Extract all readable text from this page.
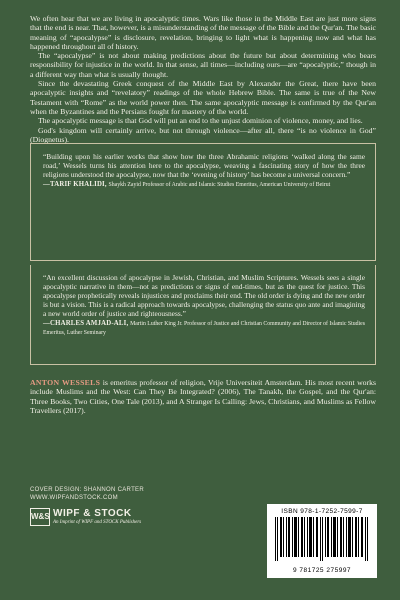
We often hear that we are living in apocalyptic times. Wars like those in the Middle East are just more signs that the end is near. That, however, is a misunderstanding of the message of the Bible and the Qur'an. The basic meaning of “apocalypse” is disclosure, revelation, bringing to light what is happening now and what has happened throughout all of history.

The “apocalypse” is not about making predictions about the future but about determining who bears responsibility for injustice in the world. In that sense, all times—including ours—are “apocalyptic,” though in a different way than what is usually thought.

Since the devastating Greek conquest of the Middle East by Alexander the Great, there have been apocalyptic insights and “revelatory” readings of the whole Hebrew Bible. The same is true of the New Testament with “Rome” as the world power then. The same apocalyptic message is confirmed by the Qur'an when the Byzantines and the Persians fought for mastery of the world.

The apocalyptic message is that God will put an end to the unjust dominion of violence, money, and lies.

God's kingdom will certainly arrive, but not through violence—after all, there “is no violence in God” (Diognetus).

“Building upon his earlier works that show how the three Abrahamic religions ‘walked along the same road,’ Wessels turns his attention here to the apocalypse, weaving a fascinating story of how the three religions understood the apocalypse, now that the ‘evening of history’ has become a universal concern.”

—TARIF KHALIDI, Shaykh Zayid Professor of Arabic and Islamic Studies Emeritus, American University of Beirut

“An excellent discussion of apocalypse in Jewish, Christian, and Muslim Scriptures. Wessels sees a single apocalyptic narrative in them—not as predictions or signs of end-times, but as the quest for justice. This apocalypse prophetically reveals injustices and proclaims their end. The old order is dying and the new order is but a vision. This is a radical approach towards apocalypse, challenging the status quo ante and imagining a new world order of justice and righteousness.”

—CHARLES AMJAD-ALI, Martin Luther King Jr. Professor of Justice and Christian Community and Director of Islamic Studies Emeritus, Luther Seminary

ANTON WESSELS is emeritus professor of religion, Vrije Universiteit Amsterdam. His most recent works include Muslims and the West: Can They Be Integrated? (2006), The Tanakh, the Gospel, and the Qur'an: Three Books, Two Cities, One Tale (2013), and A Stranger Is Calling: Jews, Christians, and Muslims as Fellow Travellers (2017).

COVER DESIGN: SHANNON CARTER
WWW.WIPFANDSTOCK.COM
W&S WIPF & STOCK
An Imprint of WIPF and STOCK Publishers
ISBN 978-1-7252-7599-7
9 781725 275997
